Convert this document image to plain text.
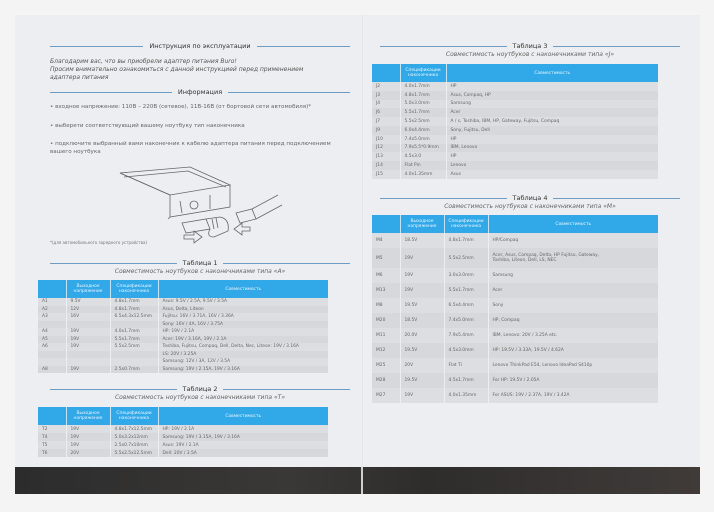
Инструкция по эксплуатации
Благодарим вас, что вы приобрели адаптер питания Buro!
Просим внимательно ознакомиться с данной инструкцией перед применением
адаптера питания
Информация
• входное напряжение: 110В – 220В (сетевое), 11В-16В (от бортовой сети автомобиля)*
• выберети соответствующий вашему ноутбуку тип наконечника
• подключите выбранный вами наконечник к кабелю адаптера питания перед подключением вашего ноутбука
*(для автомобильного зарядного устройства)
Таблица 1
Совместимость ноутбуков с наконечниками типа «A»
	Выходное напряжение	Спецификации наконечника	Совместимость
A1	9.5V	4.8x1.7mm	Asus: 9.5V / 2.5A, 9.5V / 3.5A
A2	12V	4.8x1.7mm	Asus, Delta, Liteon
A3	16V	6.5x4.3x12.5mm	Fujitsu: 16V / 3.71A, 16V / 3.36A
			Sony: 16V / 4A, 16V / 3.75A
A4	19V	4.0x1.7mm	HP: 19V / 2.1A
A5	19V	5.5x1.7mm	Acer: 19V / 3.16A, 19V / 2.1A
A6	19V	5.5x2.5mm	Toshiba, Fujitsu, Compaq, Dell, Delta, Nec, Liteon: 19V / 3.16A
			LS: 20V / 3.25A
			Samsung: 12V / 3A, 12V / 3.5A
A8	19V	2.5x0.7mm	Samsung: 19V / 2.15A, 19V / 3.16A
Таблица 2
Совместимость ноутбуков с наконечниками типа «T»
	Выходное напряжение	Спецификации наконечника	Совместимость
T2	19V	4.8x1.7x12.5mm	HP: 19V / 2.1A
T4	19V	5.0x3.2x12mm	Samsung: 19V / 3.15A, 19V / 3.16A
T5	19V	2.5x0.7x10mm	Asus: 19V / 2.1A
T6	20V	5.5x2.5x12.5mm	Dell: 20V / 3.5A
Таблица 3
Совместимость ноутбуков с наконечниками типа «J»
	Спецификации наконечника	Совместимость
J2	4.0x1.7mm	HP
J3	4.8x1.7mm	Asus, Compaq, HP
J4	5.0x3.0mm	Samsung
J6	5.5x1.7mm	Acer
J7	5.5x2.5mm	A / s, Toshiba, IBM, HP, Gateway, Fujitsu, Compaq
J9	6.0x4.4mm	Sony, Fujitsu, Dell
J10	7.4x5.0mm	HP
J12	7.9x5.5*0.9mm	IBM, Lenovo
J13	4.5x3.0	HP
J14	Flat Pin	Lenovo
J15	4.0x1.35mm	Asus
Таблица 4
Совместимость ноутбуков с наконечниками типа «M»
	Выходное напряжение	Спецификации наконечника	Совместимость
M4	18.5V	4.8x1.7mm	HP/Compaq
M5	19V	5.5x2.5mm	Acer, Asus, Compaq, Delta, HP Fujitsu, Gateway,
Toshiba, Liteon, Dell, LS, NEC

M6	19V	3.0x3.0mm	Samsung
M13	19V	5.5x1.7mm	Acer
M8	19.5V	6.5x4.4mm	Sony
M20	18.5V	7.4x5.0mm	HP, Compaq
M11	20.0V	7.9x5.4mm	IBM, Lenovo: 20V / 3.25A etc.
M12	19.5V	4.5x3.0mm	HP: 19.5V / 3.33A, 19.5V / 4.62A
M25	20V	Flat Ti	Lenovo ThinkPad E54, Lenovo IdeaPad S410p
M28	19.5V	4.5x1.7mm	For HP: 19.5V / 2.05A
M27	19V	4.0x1.35mm	For ASUS: 19V / 2.37A, 19V / 3.42A
